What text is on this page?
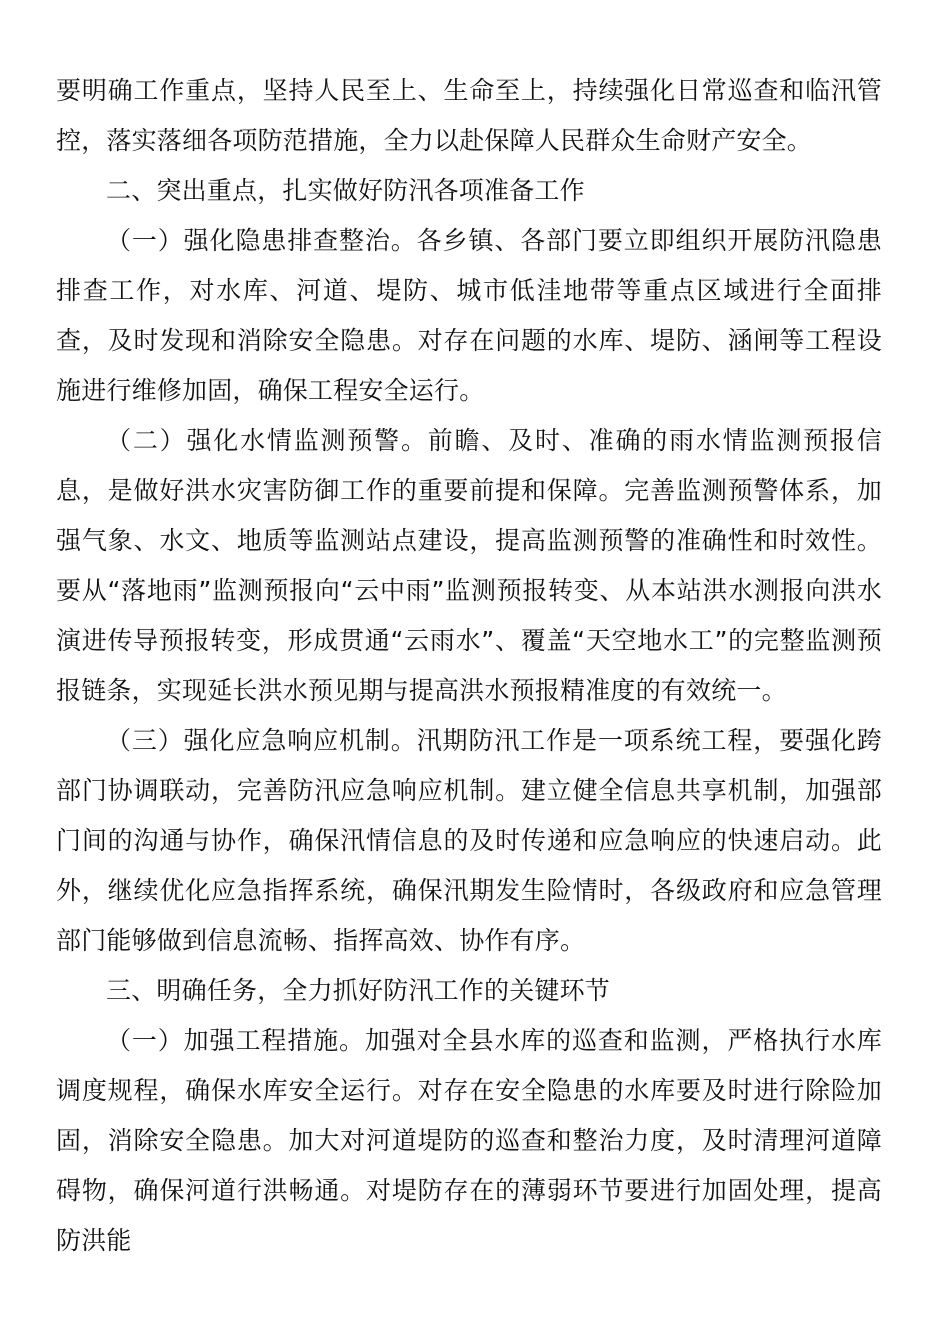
要明确工作重点，坚持人民至上、生命至上，持续强化日常巡查和临汛管控，落实落细各项防范措施，全力以赴保障人民群众生命财产安全。

二、突出重点，扎实做好防汛各项准备工作

（一）强化隐患排查整治。各乡镇、各部门要立即组织开展防汛隐患排查工作，对水库、河道、堤防、城市低洼地带等重点区域进行全面排查，及时发现和消除安全隐患。对存在问题的水库、堤防、涵闸等工程设施进行维修加固，确保工程安全运行。

（二）强化水情监测预警。前瞻、及时、准确的雨水情监测预报信息，是做好洪水灾害防御工作的重要前提和保障。完善监测预警体系，加强气象、水文、地质等监测站点建设，提高监测预警的准确性和时效性。要从“落地雨”监测预报向“云中雨”监测预报转变、从本站洪水测报向洪水演进传导预报转变，形成贯通“云雨水”、覆盖“天空地水工”的完整监测预报链条，实现延长洪水预见期与提高洪水预报精准度的有效统一。

（三）强化应急响应机制。汛期防汛工作是一项系统工程，要强化跨部门协调联动，完善防汛应急响应机制。建立健全信息共享机制，加强部门间的沟通与协作，确保汛情信息的及时传递和应急响应的快速启动。此外，继续优化应急指挥系统，确保汛期发生险情时，各级政府和应急管理部门能够做到信息流畅、指挥高效、协作有序。

三、明确任务，全力抓好防汛工作的关键环节

（一）加强工程措施。加强对全县水库的巡查和监测，严格执行水库调度规程，确保水库安全运行。对存在安全隐患的水库要及时进行除险加固，消除安全隐患。加大对河道堤防的巡查和整治力度，及时清理河道障碍物，确保河道行洪畅通。对堤防存在的薄弱环节要进行加固处理，提高防洪能
